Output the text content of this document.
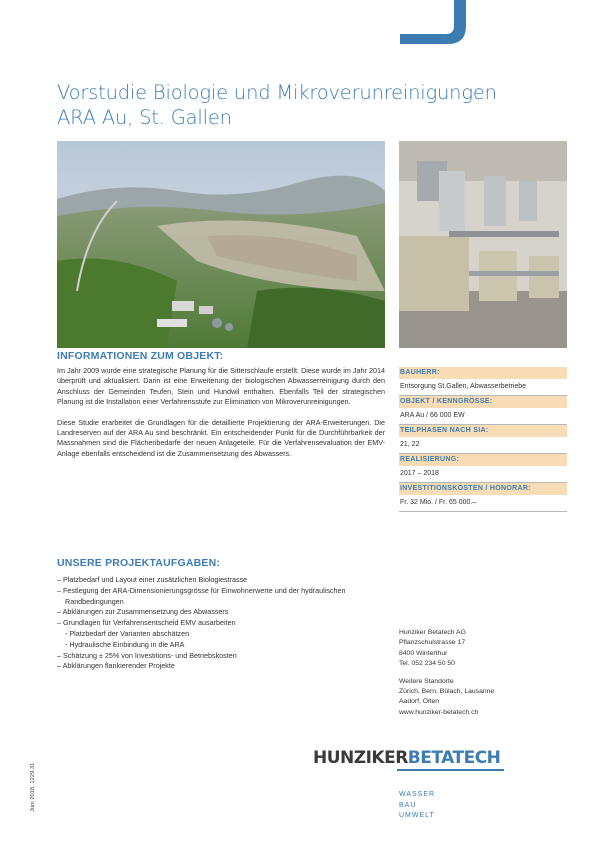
Vorstudie Biologie und Mikroverunreinigungen
ARA Au, St. Gallen
INFORMATIONEN ZUM OBJEKT:

Im Jahr 2009 wurde eine strategische Planung für die Sitterschlaufe erstellt. Diese wurde im Jahr 2014 überprüft und aktualisiert. Darin ist eine Erweiterung der biologischen Abwasserreinigung durch den Anschluss der Gemeinden Teufen, Stein und Hundwil enthalten. Ebenfalls Teil der strategischen Planung ist die Installation einer Verfahrensstufe zur Elimination von Mikroverunreinigungen.

Diese Studie erarbeitet die Grundlagen für die detaillierte Projektierung der ARA-Erweiterungen. Die Landreserven auf der ARA Au sind beschränkt. Ein entscheidender Punkt für die Durchführbarkeit der Massnahmen sind die Flächenbedarfe der neuen Anlageteile. Für die Verfahrensevaluation der EMV-Anlage ebenfalls entscheidend ist die Zusammensetzung des Abwassers.

BAUHERR:
Entsorgung St.Gallen, Abwasserbetriebe
OBJEKT / KENNGRÖSSE:
ARA Au / 66 000 EW
TEILPHASEN NACH SIA:
21, 22
REALISIERUNG:
2017 – 2018
INVESTITIONSKOSTEN / HONORAR:
Fr. 32 Mio. / Fr. 65 000.–
UNSERE PROJEKTAUFGABEN:
– Platzbedarf und Layout einer zusätzlichen Biologiestrasse
– Festlegung der ARA-Dimensionierungsgrösse für Einwohnerwerte und der hydraulischen Randbedingungen
– Abklärungen zur Zusammensetzung des Abwassers
– Grundlagen für Verfahrensentscheid EMV ausarbeiten
- Platzbedarf der Varianten abschätzen
- Hydraulische Einbindung in die ARA
– Schätzung ± 25% von Investitions- und Betriebskosten
– Abklärungen flankierender Projekte
Hunziker Betatech AG
Pflanzschulstrasse 17
8400 Winterthur
Tel. 052 234 50 50
Weitere Standorte
Zürich, Bern, Bülach, Lausanne
Aadorf, Olten
www.hunziker-betatech.ch
HUNZIKERBETATECH
WASSER
BAU
UMWELT
Juni 2018, 1229.31
